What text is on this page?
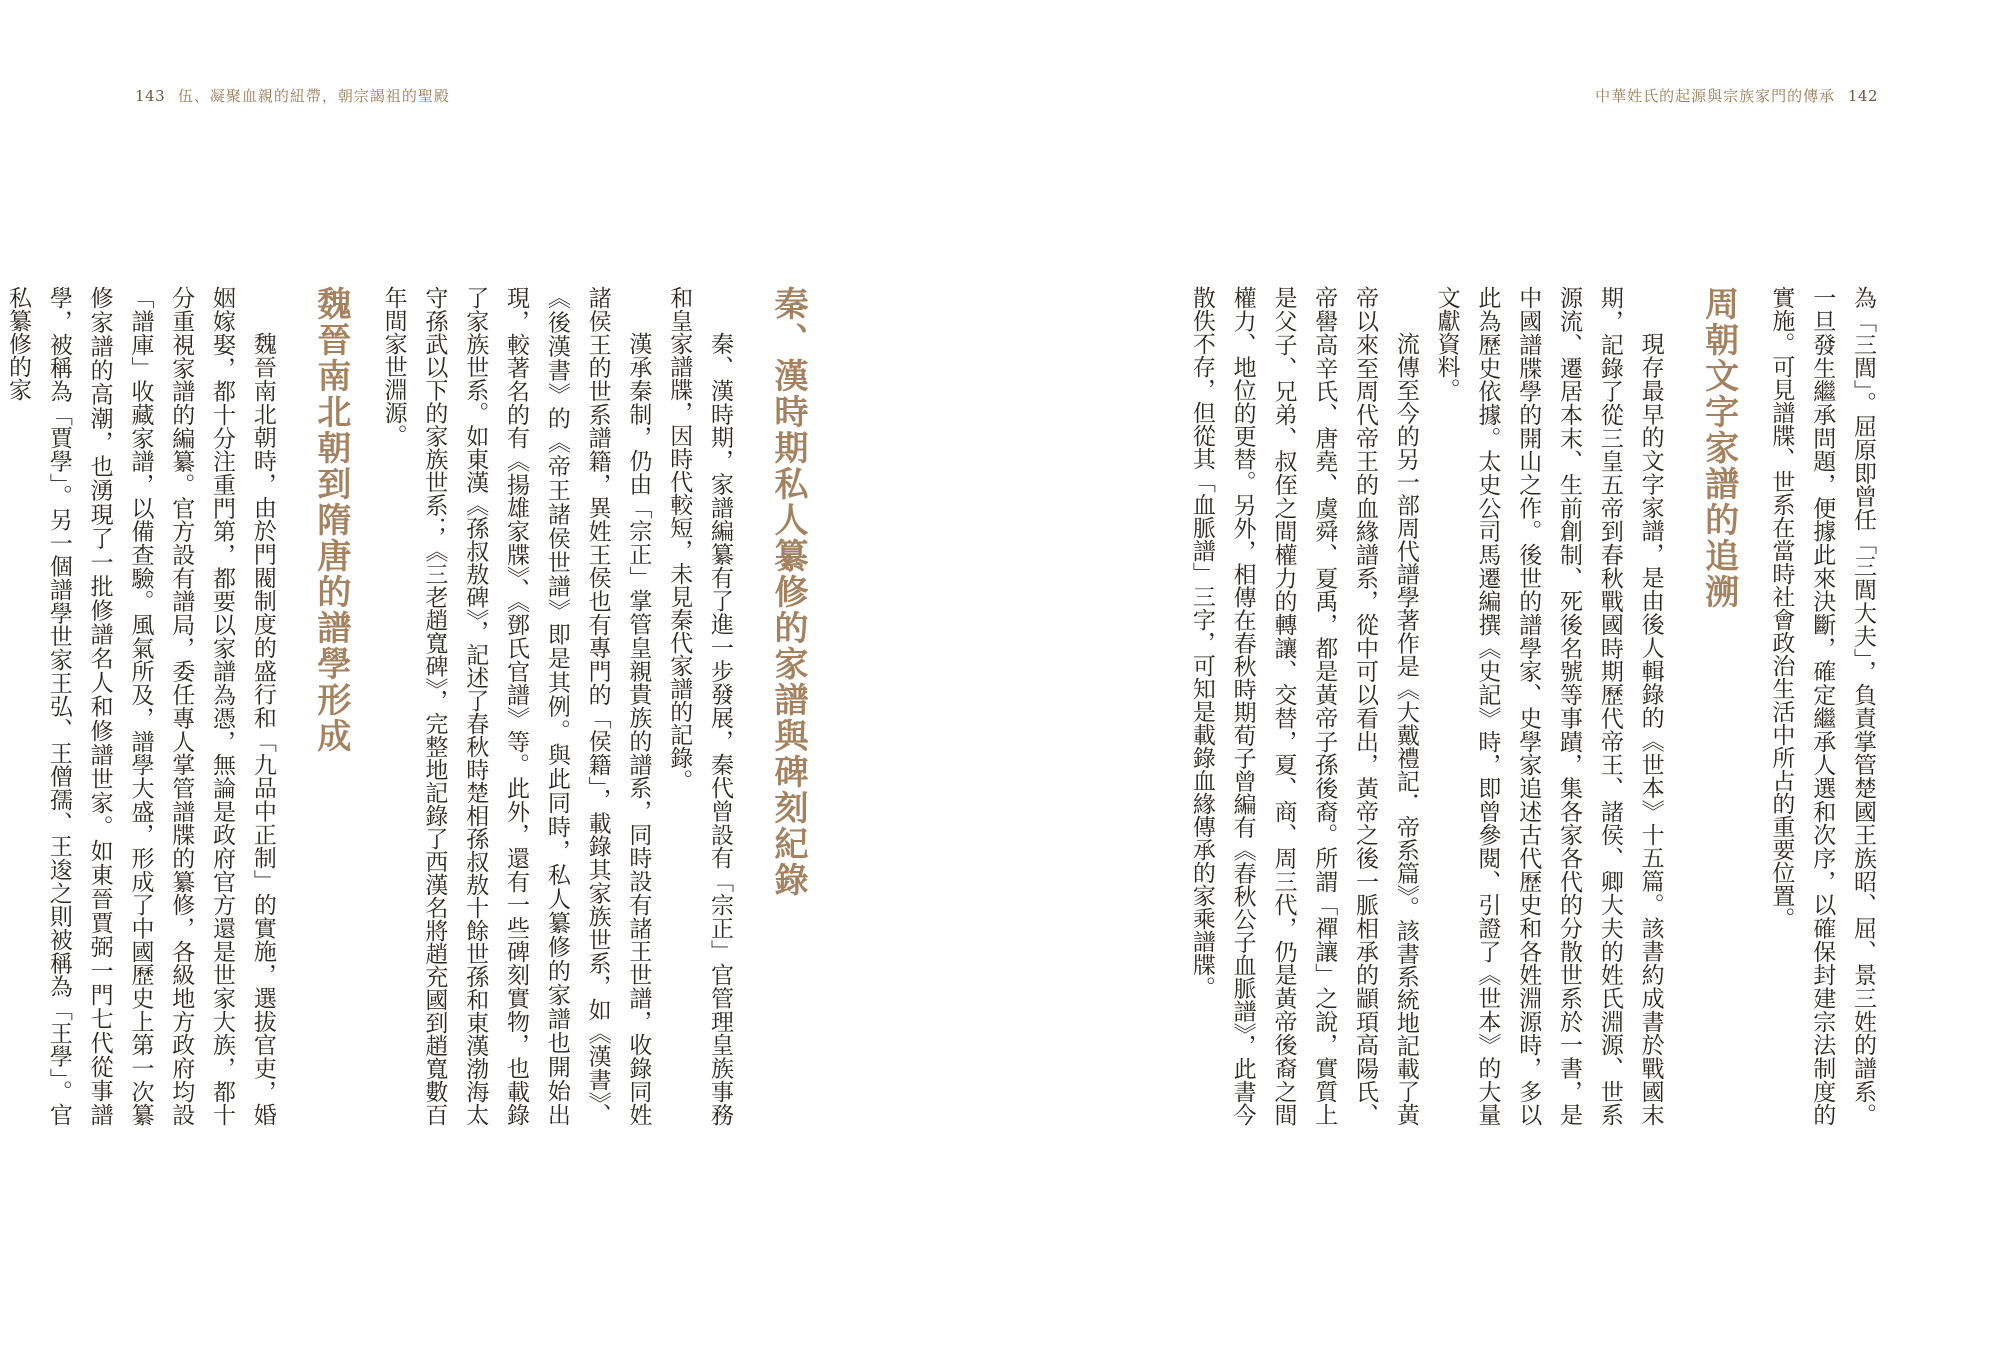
143 伍、凝聚血親的紐帶，朝宗謁祖的聖殿	中華姓氏的起源與宗族家門的傳承 142

為「三閭」。屈原即曾任「三閭大夫」，負責掌管楚國王族昭、屈、景三姓的譜系。一旦發生繼承問題，便據此來決斷，確定繼承人選和次序，以確保封建宗法制度的實施。可見譜牒、世系在當時社會政治生活中所占的重要位置。

周朝文字家譜的追溯

現存最早的文字家譜，是由後人輯錄的《世本》十五篇。該書約成書於戰國末期，記錄了從三皇五帝到春秋戰國時期歷代帝王、諸侯、卿大夫的姓氏淵源、世系源流、遷居本末、生前創制、死後名號等事蹟，集各家各代的分散世系於一書，是中國譜牒學的開山之作。後世的譜學家、史學家追述古代歷史和各姓淵源時，多以此為歷史依據。太史公司馬遷編撰《史記》時，即曾參閱、引證了《世本》的大量文獻資料。

流傳至今的另一部周代譜學著作是《大戴禮記．帝系篇》。該書系統地記載了黃帝以來至周代帝王的血緣譜系，從中可以看出，黃帝之後一脈相承的顓頊高陽氏、帝嚳高辛氏、唐堯、虞舜、夏禹，都是黃帝子孫後裔。所謂「禪讓」之說，實質上是父子、兄弟、叔侄之間權力的轉讓、交替，夏、商、周三代，仍是黃帝後裔之間權力、地位的更替。另外，相傳在春秋時期荀子曾編有《春秋公子血脈譜》，此書今散佚不存，但從其「血脈譜」三字，可知是載錄血緣傳承的家乘譜牒。

秦、漢時期私人纂修的家譜與碑刻紀錄

秦、漢時期，家譜編纂有了進一步發展，秦代曾設有「宗正」官管理皇族事務和皇家譜牒，因時代較短，未見秦代家譜的記錄。

漢承秦制，仍由「宗正」掌管皇親貴族的譜系，同時設有諸王世譜，收錄同姓諸侯王的世系譜籍，異姓王侯也有專門的「侯籍」，載錄其家族世系，如《漢書》、《後漢書》的《帝王諸侯世譜》即是其例。與此同時，私人纂修的家譜也開始出現，較著名的有《揚雄家牒》、《鄧氏官譜》等。此外，還有一些碑刻實物，也載錄了家族世系。如東漢《孫叔敖碑》，記述了春秋時楚相孫叔敖十餘世孫和東漢渤海太守孫武以下的家族世系；《三老趙寬碑》，完整地記錄了西漢名將趙充國到趙寬數百年間家世淵源。

魏晉南北朝到隋唐的譜學形成

魏晉南北朝時，由於門閥制度的盛行和「九品中正制」的實施，選拔官吏，婚姻嫁娶，都十分注重門第，都要以家譜為憑，無論是政府官方還是世家大族，都十分重視家譜的編纂。官方設有譜局，委任專人掌管譜牒的纂修，各級地方政府均設「譜庫」收藏家譜，以備查驗。風氣所及，譜學大盛，形成了中國歷史上第一次纂修家譜的高潮，也湧現了一批修譜名人和修譜世家。如東晉賈弼一門七代從事譜學，被稱為「賈學」。另一個譜學世家王弘、王僧孺、王逡之則被稱為「王學」。官私纂修的家
